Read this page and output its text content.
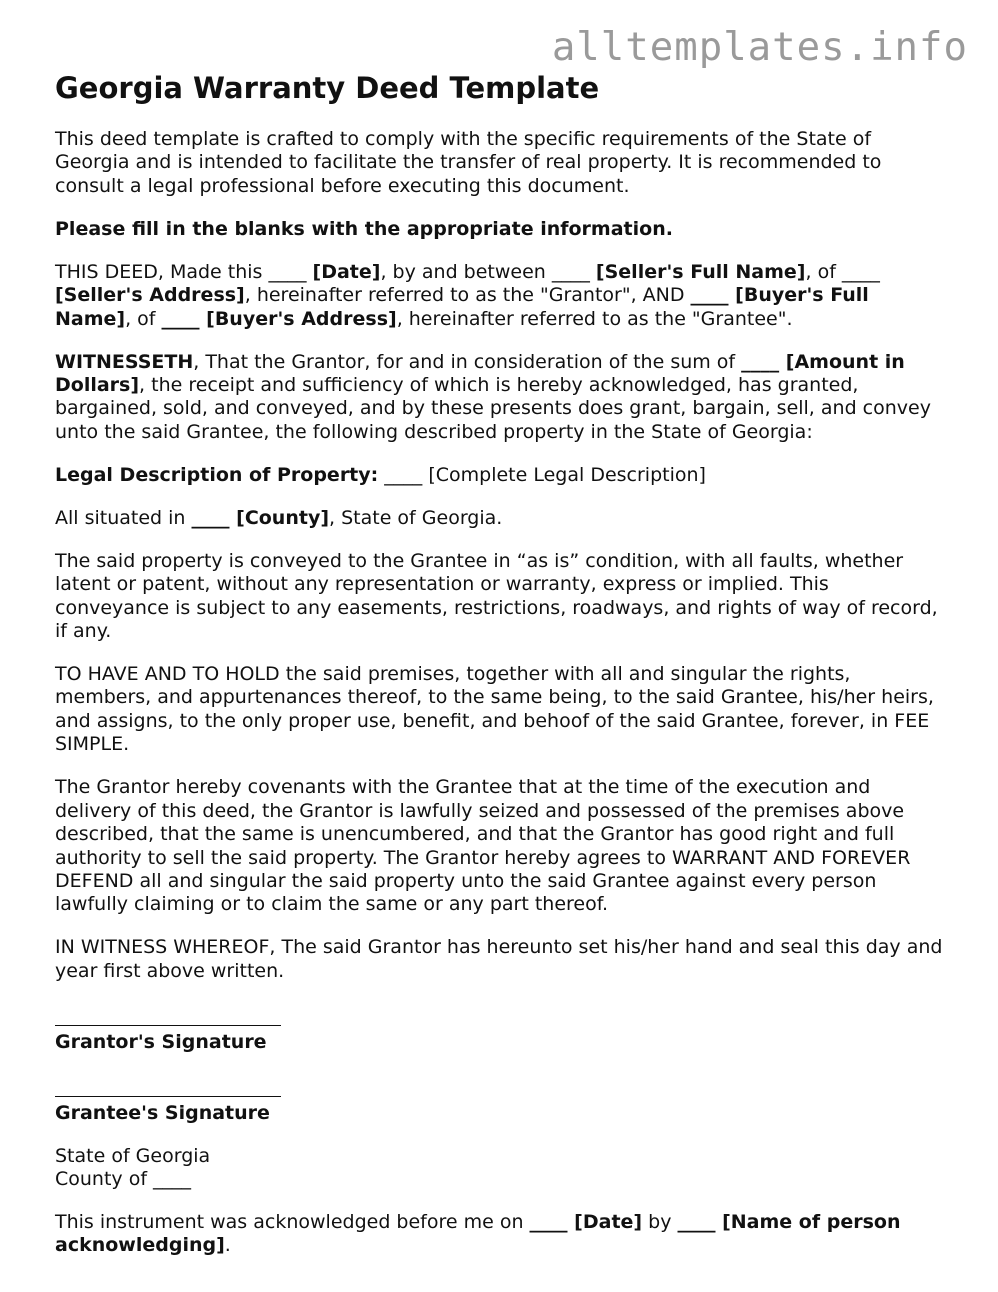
alltemplates.info
Georgia Warranty Deed Template

This deed template is crafted to comply with the specific requirements of the State of Georgia and is intended to facilitate the transfer of real property. It is recommended to consult a legal professional before executing this document.

Please fill in the blanks with the appropriate information.

THIS DEED, Made this ____ [Date], by and between ____ [Seller's Full Name], of ____ [Seller's Address], hereinafter referred to as the "Grantor", AND ____ [Buyer's Full Name], of ____ [Buyer's Address], hereinafter referred to as the "Grantee".

WITNESSETH, That the Grantor, for and in consideration of the sum of ____ [Amount in Dollars], the receipt and sufficiency of which is hereby acknowledged, has granted, bargained, sold, and conveyed, and by these presents does grant, bargain, sell, and convey unto the said Grantee, the following described property in the State of Georgia:

Legal Description of Property: ____ [Complete Legal Description]

All situated in ____ [County], State of Georgia.

The said property is conveyed to the Grantee in “as is” condition, with all faults, whether latent or patent, without any representation or warranty, express or implied. This conveyance is subject to any easements, restrictions, roadways, and rights of way of record, if any.

TO HAVE AND TO HOLD the said premises, together with all and singular the rights, members, and appurtenances thereof, to the same being, to the said Grantee, his/her heirs, and assigns, to the only proper use, benefit, and behoof of the said Grantee, forever, in FEE SIMPLE.

The Grantor hereby covenants with the Grantee that at the time of the execution and delivery of this deed, the Grantor is lawfully seized and possessed of the premises above described, that the same is unencumbered, and that the Grantor has good right and full authority to sell the said property. The Grantor hereby agrees to WARRANT AND FOREVER DEFEND all and singular the said property unto the said Grantee against every person lawfully claiming or to claim the same or any part thereof.

IN WITNESS WHEREOF, The said Grantor has hereunto set his/her hand and seal this day and year first above written.

Grantor's Signature

Grantee's Signature

State of Georgia
County of ____

This instrument was acknowledged before me on ____ [Date] by ____ [Name of person acknowledging].
